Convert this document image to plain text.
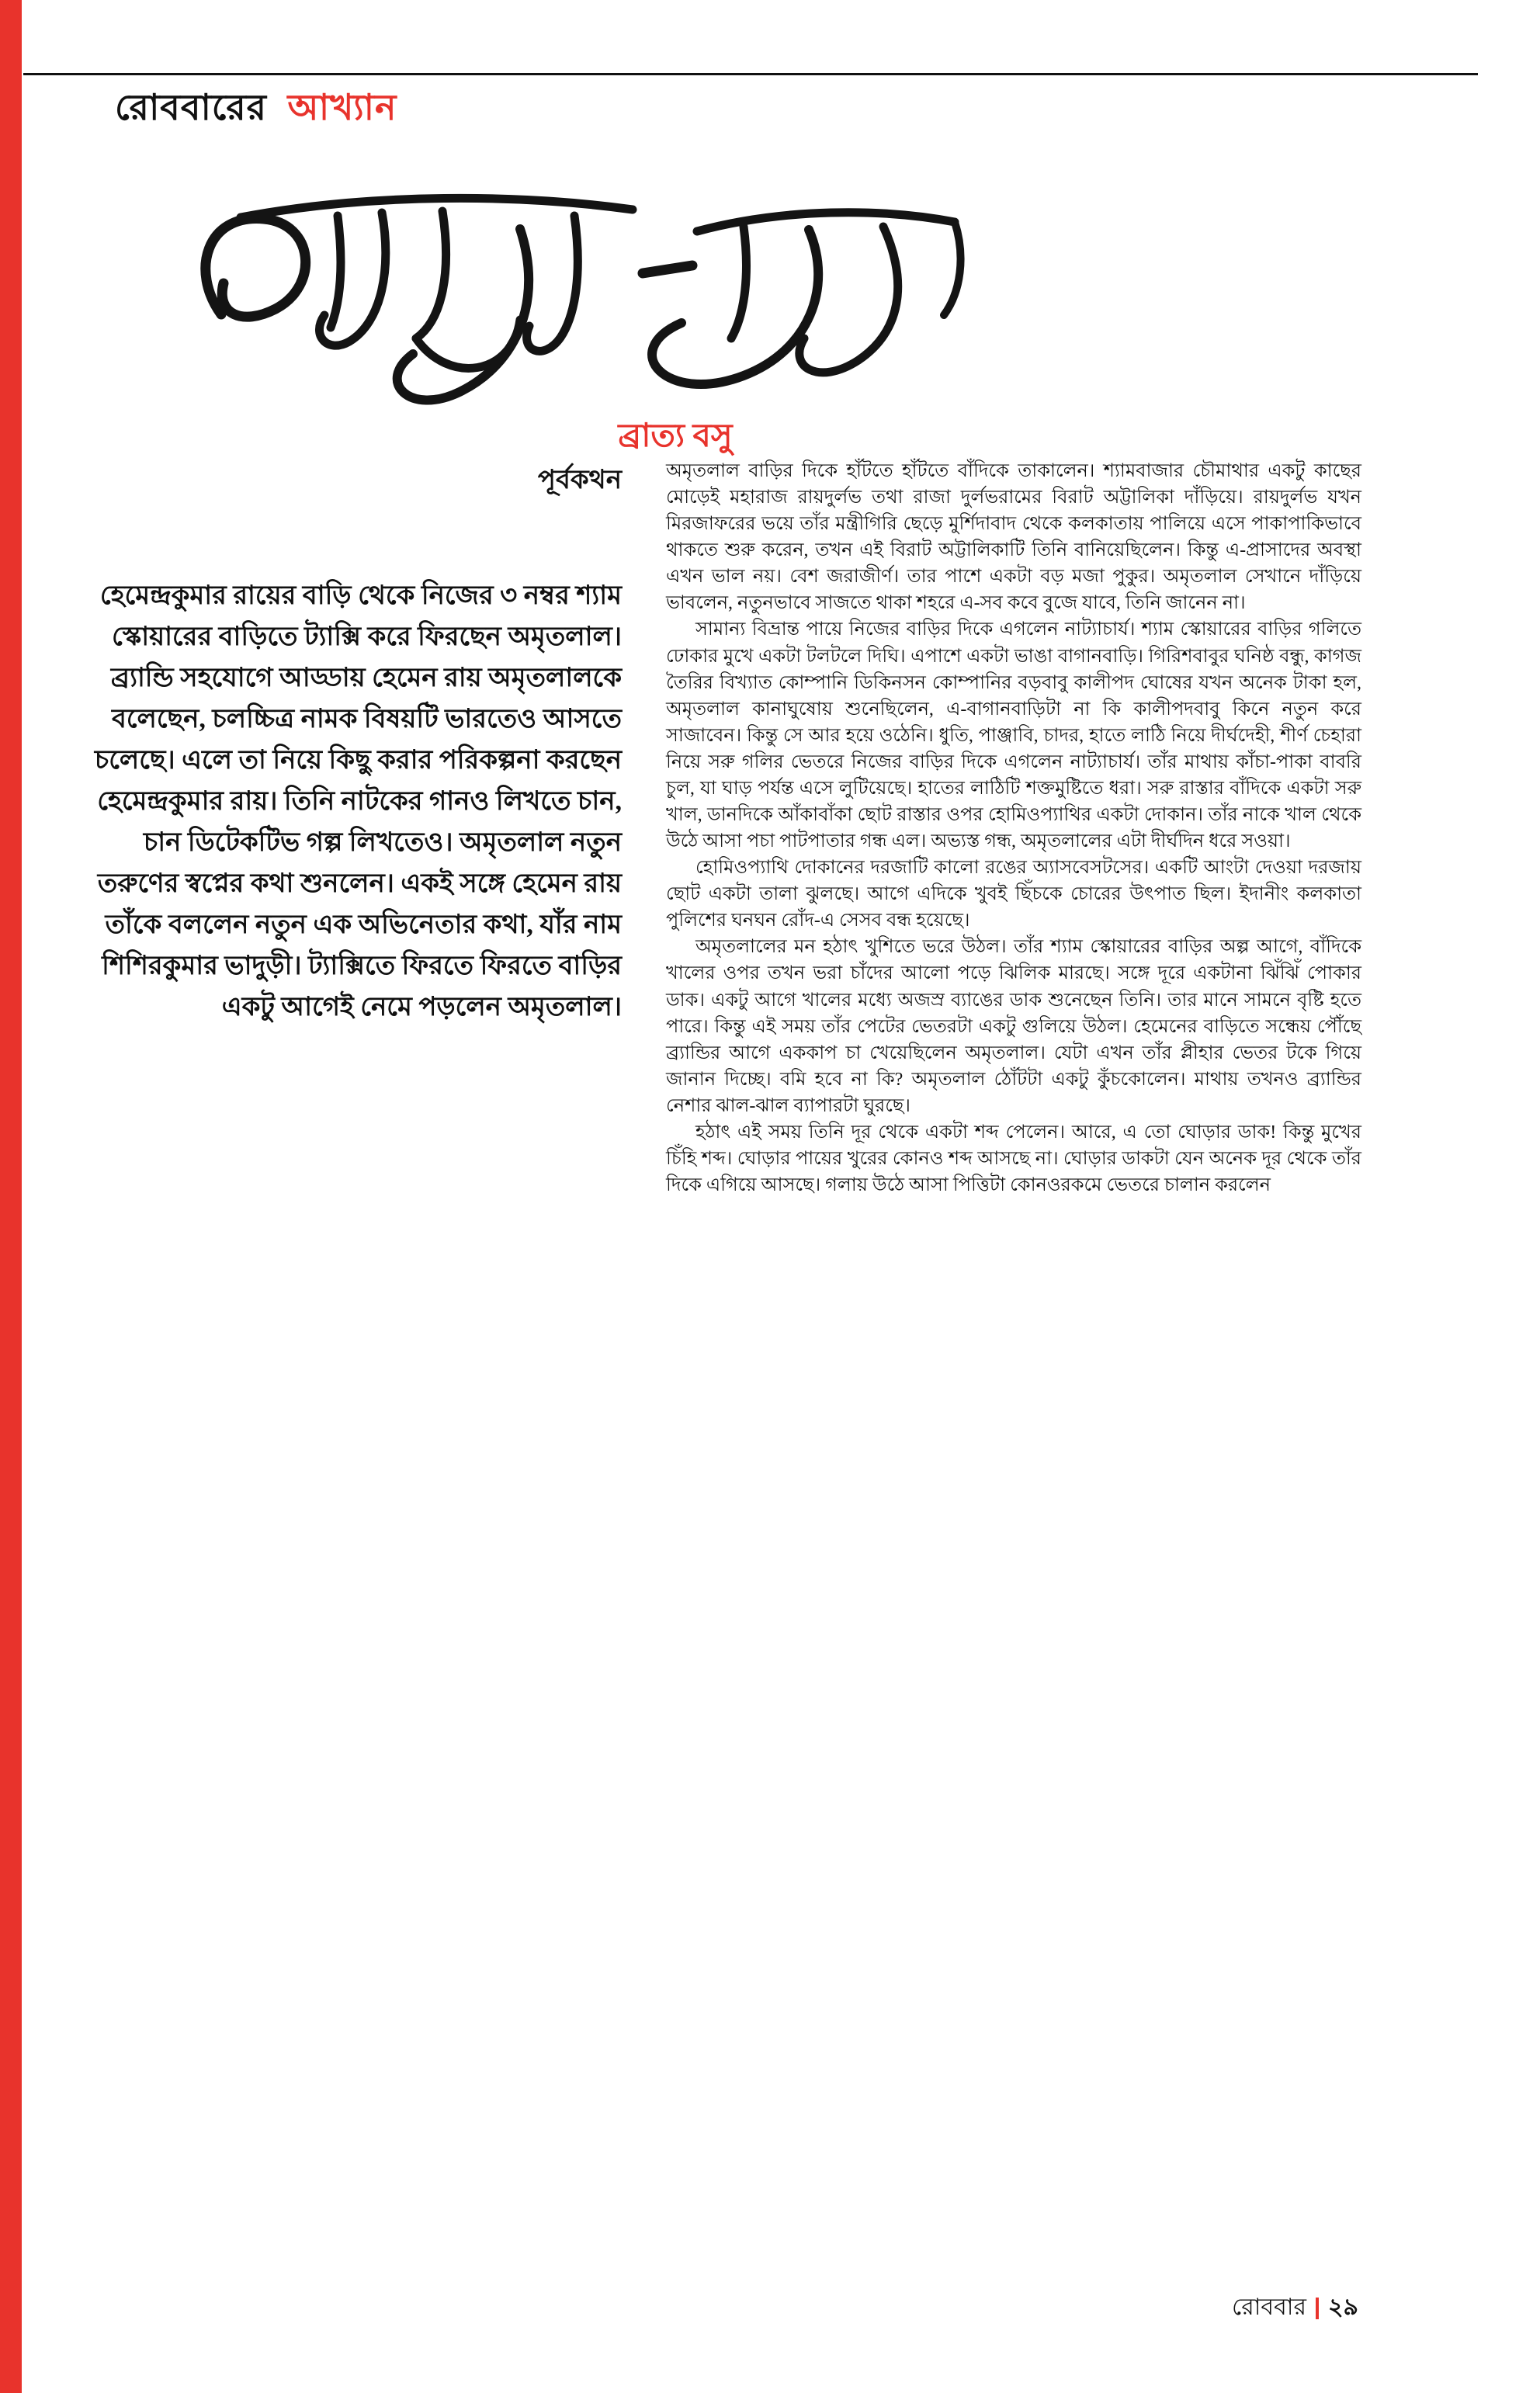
রোববারের আখ্যান
ব্রাত্য বসু
পূর্বকথন

হেমেন্দ্রকুমার রায়ের বাড়ি থেকে নিজের ৩ নম্বর শ্যাম স্কোয়ারের বাড়িতে ট্যাক্সি করে ফিরছেন অমৃতলাল। ব্র্যান্ডি সহযোগে আড্ডায় হেমেন রায় অমৃতলালকে বলেছেন, চলচ্চিত্র নামক বিষয়টি ভারতেও আসতে চলেছে। এলে তা নিয়ে কিছু করার পরিকল্পনা করছেন হেমেন্দ্রকুমার রায়। তিনি নাটকের গানও লিখতে চান, চান ডিটেকটিভ গল্প লিখতেও। অমৃতলাল নতুন তরুণের স্বপ্নের কথা শুনলেন। একই সঙ্গে হেমেন রায় তাঁকে বললেন নতুন এক অভিনেতার কথা, যাঁর নাম শিশিরকুমার ভাদুড়ী। ট্যাক্সিতে ফিরতে ফিরতে বাড়ির একটু আগেই নেমে পড়লেন অমৃতলাল।

অমৃতলাল বাড়ির দিকে হাঁটতে হাঁটতে বাঁদিকে তাকালেন। শ্যামবাজার চৌমাথার একটু কাছের মোড়েই মহারাজ রায়দুর্লভ তথা রাজা দুর্লভরামের বিরাট অট্টালিকা দাঁড়িয়ে। রায়দুর্লভ যখন মিরজাফরের ভয়ে তাঁর মন্ত্রীগিরি ছেড়ে মুর্শিদাবাদ থেকে কলকাতায় পালিয়ে এসে পাকাপাকিভাবে থাকতে শুরু করেন, তখন এই বিরাট অট্টালিকাটি তিনি বানিয়েছিলেন। কিন্তু এ-প্রাসাদের অবস্থা এখন ভাল নয়। বেশ জরাজীর্ণ। তার পাশে একটা বড় মজা পুকুর। অমৃতলাল সেখানে দাঁড়িয়ে ভাবলেন, নতুনভাবে সাজতে থাকা শহরে এ-সব কবে বুজে যাবে, তিনি জানেন না।

সামান্য বিভ্রান্ত পায়ে নিজের বাড়ির দিকে এগলেন নাট্যাচার্য। শ্যাম স্কোয়ারের বাড়ির গলিতে ঢোকার মুখে একটা টলটলে দিঘি। এপাশে একটা ভাঙা বাগানবাড়ি। গিরিশবাবুর ঘনিষ্ঠ বন্ধু, কাগজ তৈরির বিখ্যাত কোম্পানি ডিকিনসন কোম্পানির বড়বাবু কালীপদ ঘোষের যখন অনেক টাকা হল, অমৃতলাল কানাঘুষোয় শুনেছিলেন, এ-বাগানবাড়িটা না কি কালীপদবাবু কিনে নতুন করে সাজাবেন। কিন্তু সে আর হয়ে ওঠেনি। ধুতি, পাঞ্জাবি, চাদর, হাতে লাঠি নিয়ে দীর্ঘদেহী, শীর্ণ চেহারা নিয়ে সরু গলির ভেতরে নিজের বাড়ির দিকে এগলেন নাট্যাচার্য। তাঁর মাথায় কাঁচা-পাকা বাবরি চুল, যা ঘাড় পর্যন্ত এসে লুটিয়েছে। হাতের লাঠিটি শক্তমুষ্টিতে ধরা। সরু রাস্তার বাঁদিকে একটা সরু খাল, ডানদিকে আঁকাবাঁকা ছোট রাস্তার ওপর হোমিওপ্যাথির একটা দোকান। তাঁর নাকে খাল থেকে উঠে আসা পচা পাটপাতার গন্ধ এল। অভ্যস্ত গন্ধ, অমৃতলালের এটা দীর্ঘদিন ধরে সওয়া।

হোমিওপ্যাথি দোকানের দরজাটি কালো রঙের অ্যাসবেসটসের। একটি আংটা দেওয়া দরজায় ছোট একটা তালা ঝুলছে। আগে এদিকে খুবই ছিঁচকে চোরের উৎপাত ছিল। ইদানীং কলকাতা পুলিশের ঘনঘন রোঁদ-এ সেসব বন্ধ হয়েছে।

অমৃতলালের মন হঠাৎ খুশিতে ভরে উঠল। তাঁর শ্যাম স্কোয়ারের বাড়ির অল্প আগে, বাঁদিকে খালের ওপর তখন ভরা চাঁদের আলো পড়ে ঝিলিক মারছে। সঙ্গে দূরে একটানা ঝিঁঝিঁ পোকার ডাক। একটু আগে খালের মধ্যে অজস্র ব্যাঙের ডাক শুনেছেন তিনি। তার মানে সামনে বৃষ্টি হতে পারে। কিন্তু এই সময় তাঁর পেটের ভেতরটা একটু গুলিয়ে উঠল। হেমেনের বাড়িতে সন্ধেয় পৌঁছে ব্র্যান্ডির আগে এককাপ চা খেয়েছিলেন অমৃতলাল। যেটা এখন তাঁর প্লীহার ভেতর টকে গিয়ে জানান দিচ্ছে। বমি হবে না কি? অমৃতলাল ঠোঁটটা একটু কুঁচকোলেন। মাথায় তখনও ব্র্যান্ডির নেশার ঝাল-ঝাল ব্যাপারটা ঘুরছে।

হঠাৎ এই সময় তিনি দূর থেকে একটা শব্দ পেলেন। আরে, এ তো ঘোড়ার ডাক! কিন্তু মুখের চিঁহি শব্দ। ঘোড়ার পায়ের খুরের কোনও শব্দ আসছে না। ঘোড়ার ডাকটা যেন অনেক দূর থেকে তাঁর দিকে এগিয়ে আসছে। গলায় উঠে আসা পিত্তিটা কোনওরকমে ভেতরে চালান করলেন

রোববার ২৯
